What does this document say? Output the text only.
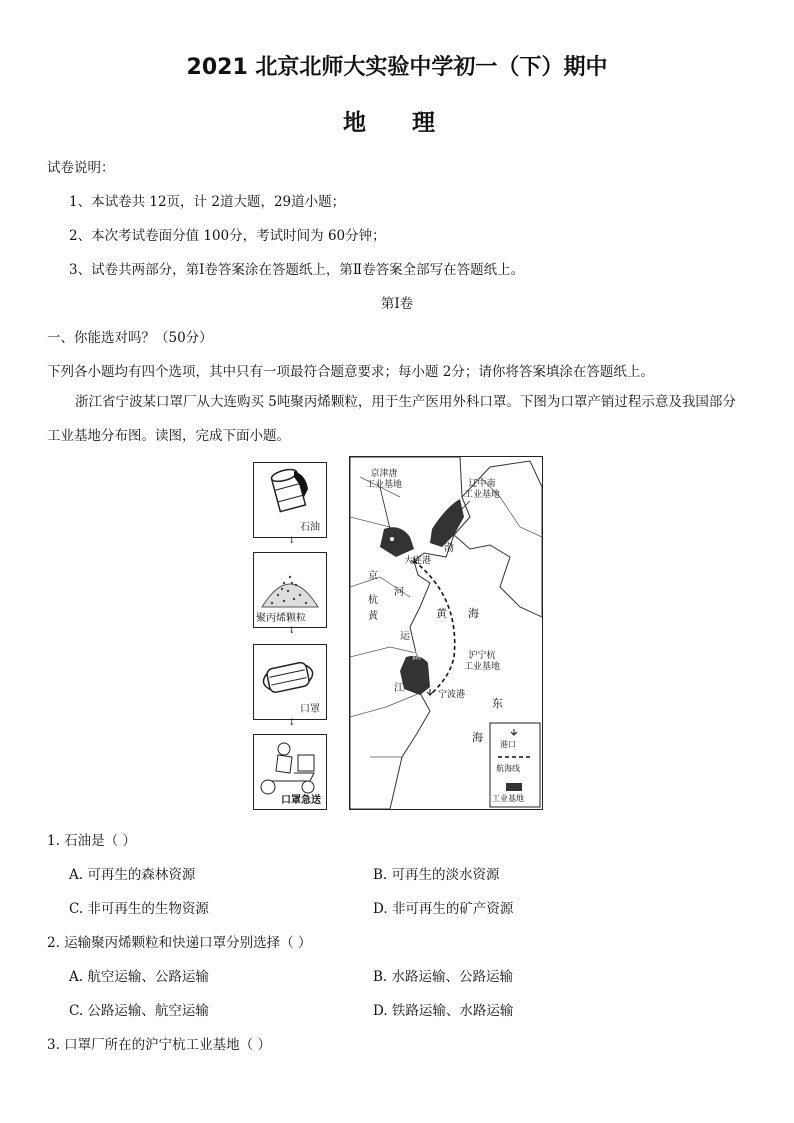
2021 北京北师大实验中学初一（下）期中
地理
试卷说明：
1、本试卷共 12页，计 2道大题，29道小题；
2、本次考试卷面分值 100分，考试时间为 60分钟；
3、试卷共两部分，第Ⅰ卷答案涂在答题纸上，第Ⅱ卷答案全部写在答题纸上。
第Ⅰ卷
一、你能选对吗？（50分）
下列各小题均有四个选项，其中只有一项最符合题意要求；每小题 2分；请你将答案填涂在答题纸上。
浙江省宁波某口罩厂从大连购买 5吨聚丙烯颗粒，用于生产医用外科口罩。下图为口罩产销过程示意及我国部分工业基地分布图。读图，完成下面小题。
石油
↓
聚丙烯颗粒
↓
口罩
↓
口罩急送
京津唐
工业基地	辽中南
工业基地
北京
渤
大连港
京
河
杭
黄	黄 海
运
湖	沪宁杭
工业基地
江
宁波港
东
海
港口
航海线
工业基地
1. 石油是（ ）
A. 可再生的森林资源	B. 可再生的淡水资源
C. 非可再生的生物资源	D. 非可再生的矿产资源
2. 运输聚丙烯颗粒和快递口罩分别选择（ ）
A. 航空运输、公路运输	B. 水路运输、公路运输
C. 公路运输、航空运输	D. 铁路运输、水路运输
3. 口罩厂所在的沪宁杭工业基地（ ）
